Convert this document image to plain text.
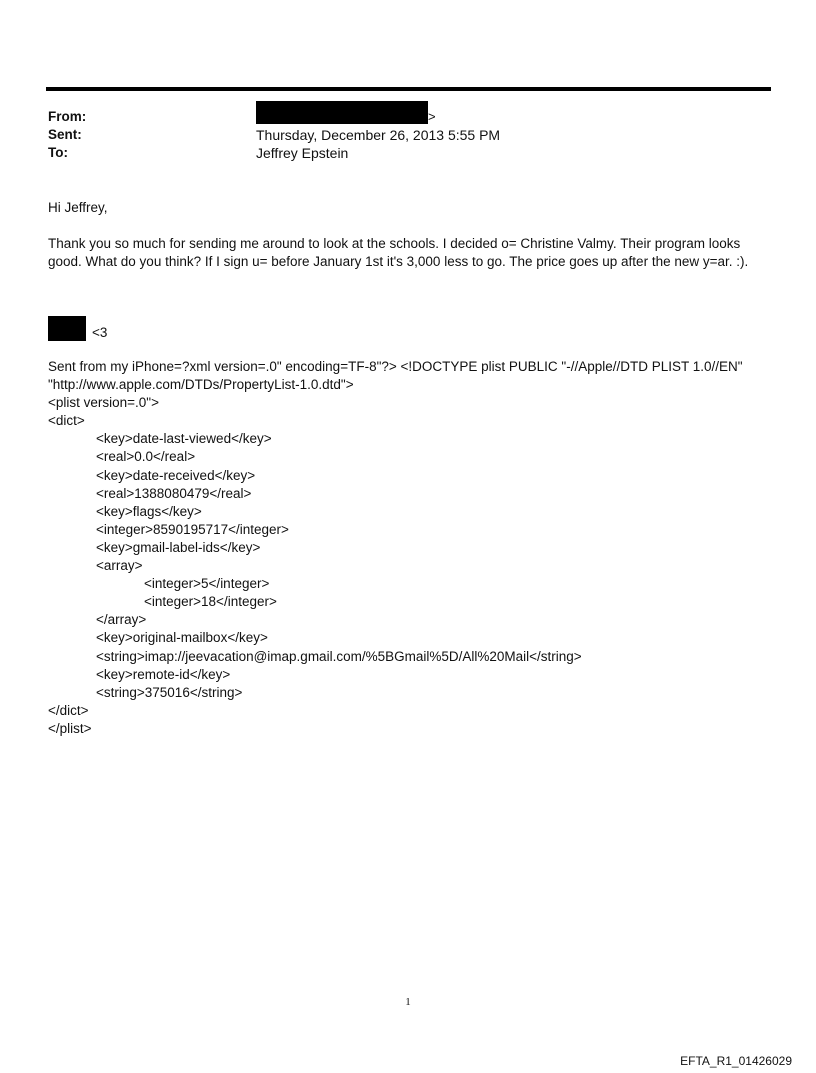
From:	>
Sent:	Thursday, December 26, 2013 5:55 PM
To:	Jeffrey Epstein
Hi Jeffrey,
Thank you so much for sending me around to look at the schools. I decided o= Christine Valmy. Their program looks good. What do you think? If I sign u= before January 1st it's 3,000 less to go. The price goes up after the new y=ar. :).
<3
Sent from my iPhone=?xml version=.0" encoding=TF-8"?> <!DOCTYPE plist PUBLIC "-//Apple//DTD PLIST 1.0//EN"
"http://www.apple.com/DTDs/PropertyList-1.0.dtd">
<plist version=.0">
<dict>
<key>date-last-viewed</key>
<real>0.0</real>
<key>date-received</key>
<real>1388080479</real>
<key>flags</key>
<integer>8590195717</integer>
<key>gmail-label-ids</key>
<array>
<integer>5</integer>
<integer>18</integer>
</array>
<key>original-mailbox</key>
<string>imap://jeevacation@imap.gmail.com/%5BGmail%5D/All%20Mail</string>
<key>remote-id</key>
<string>375016</string>
</dict>
</plist>
1
EFTA_R1_01426029
